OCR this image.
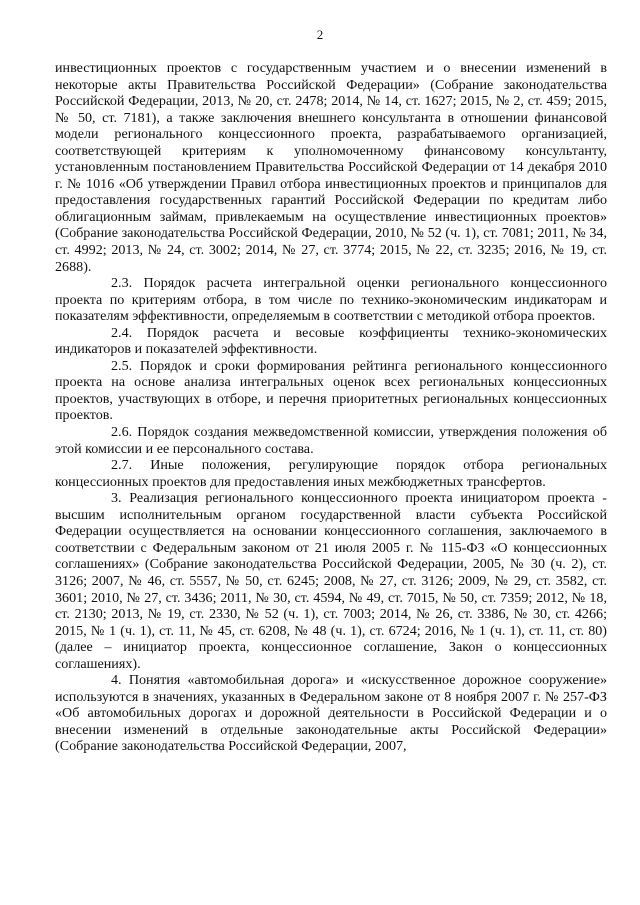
2

инвестиционных проектов с государственным участием и о внесении изменений в некоторые акты Правительства Российской Федерации» (Собрание законодательства Российской Федерации, 2013, № 20, ст. 2478; 2014, № 14, ст. 1627; 2015, № 2, ст. 459; 2015, № 50, ст. 7181), а также заключения внешнего консультанта в отношении финансовой модели регионального концессионного проекта, разрабатываемого организацией, соответствующей критериям к уполномоченному финансовому консультанту, установленным постановлением Правительства Российской Федерации от 14 декабря 2010 г. № 1016 «Об утверждении Правил отбора инвестиционных проектов и принципалов для предоставления государственных гарантий Российской Федерации по кредитам либо облигационным займам, привлекаемым на осуществление инвестиционных проектов» (Собрание законодательства Российской Федерации, 2010, № 52 (ч. 1), ст. 7081; 2011, № 34, ст. 4992; 2013, № 24, ст. 3002; 2014, № 27, ст. 3774; 2015, № 22, ст. 3235; 2016, № 19, ст. 2688).

2.3. Порядок расчета интегральной оценки регионального концессионного проекта по критериям отбора, в том числе по технико-экономическим индикаторам и показателям эффективности, определяемым в соответствии с методикой отбора проектов.

2.4. Порядок расчета и весовые коэффициенты технико-экономических индикаторов и показателей эффективности.

2.5. Порядок и сроки формирования рейтинга регионального концессионного проекта на основе анализа интегральных оценок всех региональных концессионных проектов, участвующих в отборе, и перечня приоритетных региональных концессионных проектов.

2.6. Порядок создания межведомственной комиссии, утверждения положения об этой комиссии и ее персонального состава.

2.7. Иные положения, регулирующие порядок отбора региональных концессионных проектов для предоставления иных межбюджетных трансфертов.

3. Реализация регионального концессионного проекта инициатором проекта - высшим исполнительным органом государственной власти субъекта Российской Федерации осуществляется на основании концессионного соглашения, заключаемого в соответствии с Федеральным законом от 21 июля 2005 г. № 115-ФЗ «О концессионных соглашениях» (Собрание законодательства Российской Федерации, 2005, № 30 (ч. 2), ст. 3126; 2007, № 46, ст. 5557, № 50, ст. 6245; 2008, № 27, ст. 3126; 2009, № 29, ст. 3582, ст. 3601; 2010, № 27, ст. 3436; 2011, № 30, ст. 4594, № 49, ст. 7015, № 50, ст. 7359; 2012, № 18, ст. 2130; 2013, № 19, ст. 2330, № 52 (ч. 1), ст. 7003; 2014, № 26, ст. 3386, № 30, ст. 4266; 2015, № 1 (ч. 1), ст. 11, № 45, ст. 6208, № 48 (ч. 1), ст. 6724; 2016, № 1 (ч. 1), ст. 11, ст. 80) (далее – инициатор проекта, концессионное соглашение, Закон о концессионных соглашениях).

4. Понятия «автомобильная дорога» и «искусственное дорожное сооружение» используются в значениях, указанных в Федеральном законе от 8 ноября 2007 г. № 257-ФЗ «Об автомобильных дорогах и дорожной деятельности в Российской Федерации и о внесении изменений в отдельные законодательные акты Российской Федерации» (Собрание законодательства Российской Федерации, 2007,
